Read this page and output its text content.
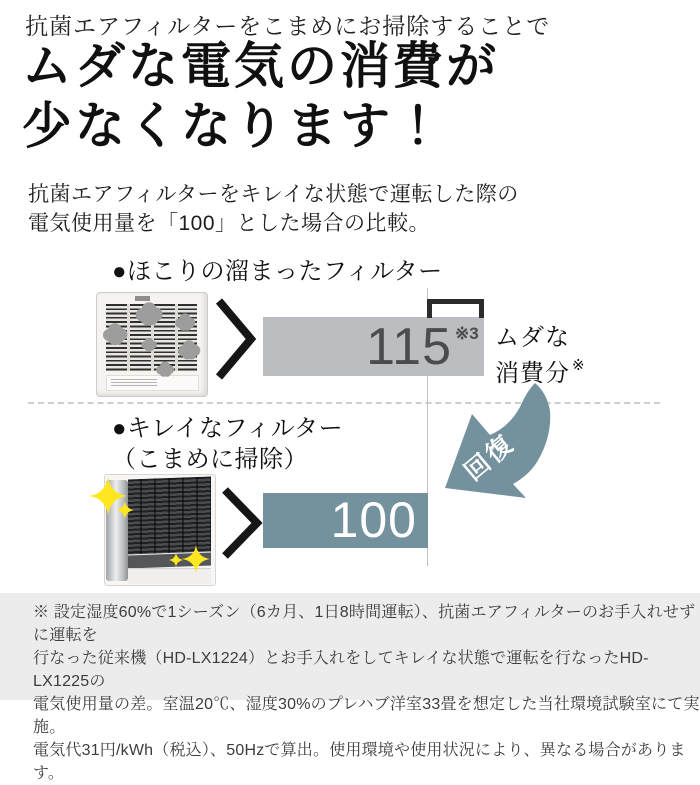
抗菌エアフィルターをこまめにお掃除することで
ムダな電気の消費が
少なくなります！
抗菌エアフィルターをキレイな状態で運転した際の
電気使用量を「100」とした場合の比較。
●ほこりの溜まったフィルター
115 ※3 ムダな
消費分 ※
●キレイなフィルター
（こまめに掃除）
100
回復
※ 設定湿度60%で1シーズン（6カ月、1日8時間運転）、抗菌エアフィルターのお手入れせずに運転を
行なった従来機（HD-LX1224）とお手入れをしてキレイな状態で運転を行なったHD-LX1225の
電気使用量の差。室温20℃、湿度30%のプレハブ洋室33畳を想定した当社環境試験室にて実施。
電気代31円/kWh（税込）、50Hzで算出。使用環境や使用状況により、異なる場合があります。
